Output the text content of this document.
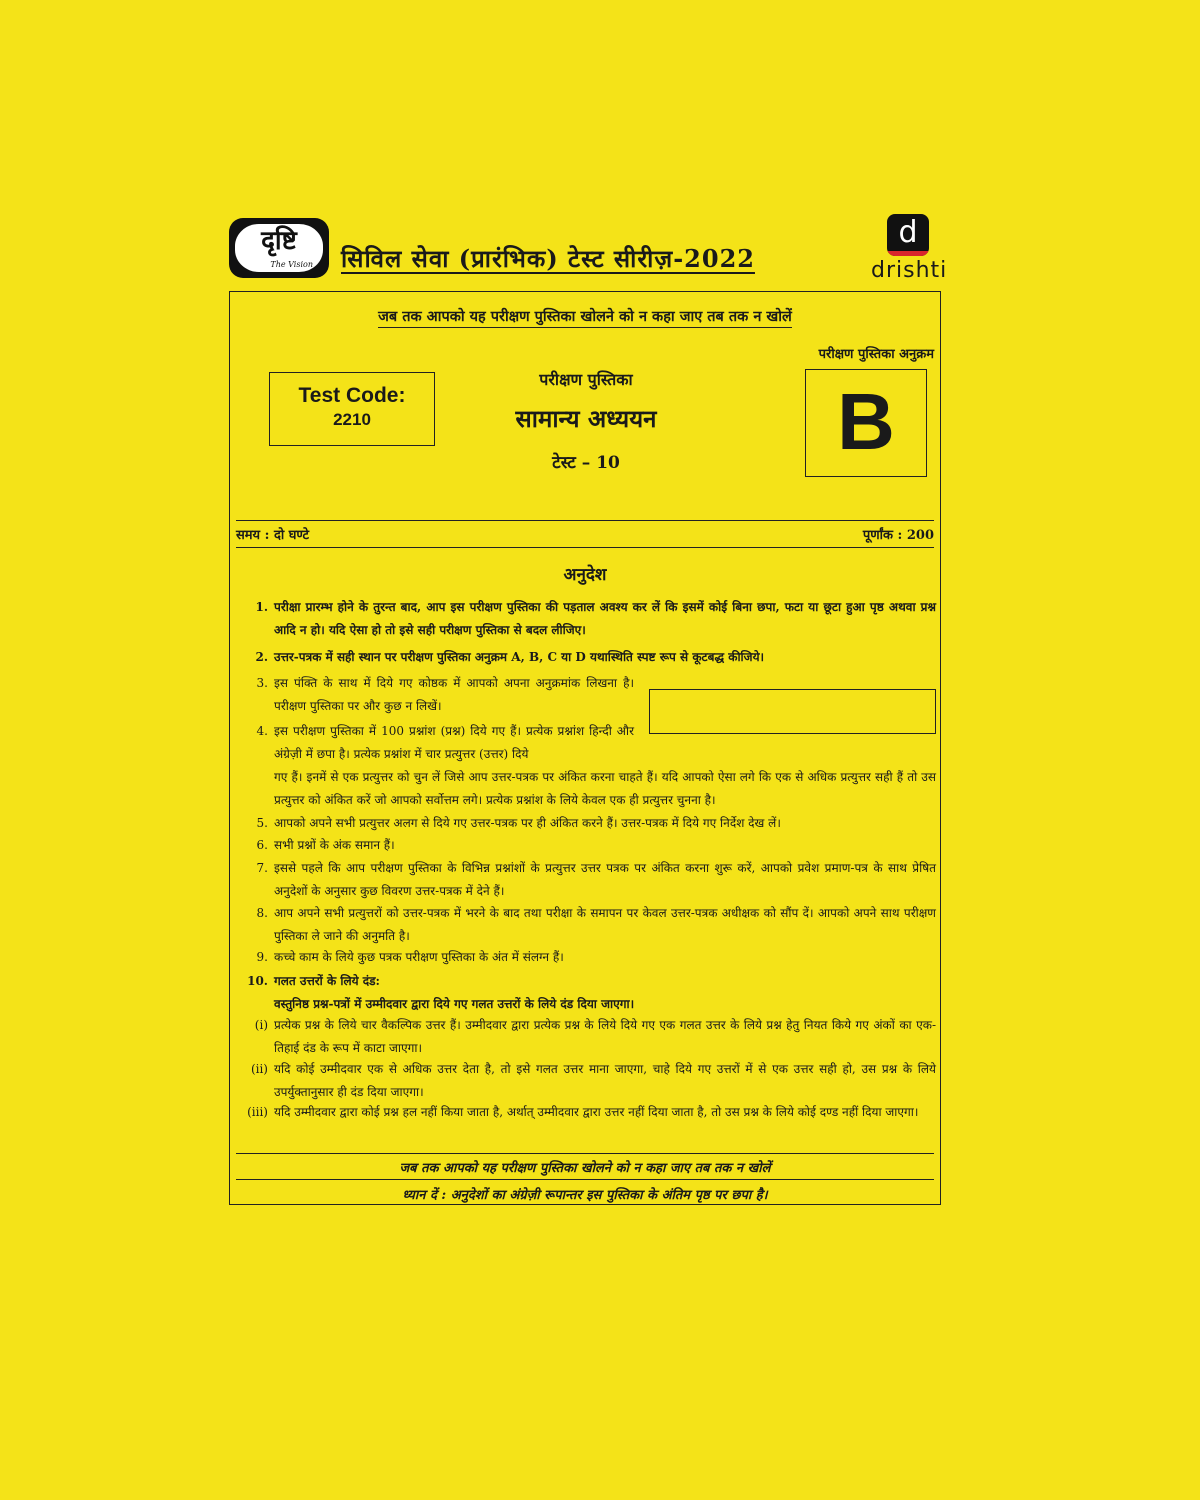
दृष्टि
The Vision सिविल सेवा (प्रारंभिक) टेस्ट सीरीज़-2022
d
drishti
जब तक आपको यह परीक्षण पुस्तिका खोलने को न कहा जाए तब तक न खोलें
परीक्षण पुस्तिका अनुक्रम
Test Code:
2210
परीक्षण पुस्तिका
सामान्य अध्ययन
टेस्ट – 10	B
समय : दो घण्टे	पूर्णांक : 200
अनुदेश
1. परीक्षा प्रारम्भ होने के तुरन्त बाद, आप इस परीक्षण पुस्तिका की पड़ताल अवश्य कर लें कि इसमें कोई बिना छपा, फटा या छूटा हुआ पृष्ठ अथवा प्रश्न आदि न हो। यदि ऐसा हो तो इसे सही परीक्षण पुस्तिका से बदल लीजिए।
2. उत्तर-पत्रक में सही स्थान पर परीक्षण पुस्तिका अनुक्रम A, B, C या D यथास्थिति स्पष्ट रूप से कूटबद्ध कीजिये।
3. इस पंक्ति के साथ में दिये गए कोष्ठक में आपको अपना अनुक्रमांक लिखना है। परीक्षण पुस्तिका पर और कुछ न लिखें।
4. इस परीक्षण पुस्तिका में 100 प्रश्नांश (प्रश्न) दिये गए हैं। प्रत्येक प्रश्नांश हिन्दी और अंग्रेज़ी में छपा है। प्रत्येक प्रश्नांश में चार प्रत्युत्तर (उत्तर) दिये
गए हैं। इनमें से एक प्रत्युत्तर को चुन लें जिसे आप उत्तर-पत्रक पर अंकित करना चाहते हैं। यदि आपको ऐसा लगे कि एक से अधिक प्रत्युत्तर सही हैं तो उस प्रत्युत्तर को अंकित करें जो आपको सर्वोत्तम लगे। प्रत्येक प्रश्नांश के लिये केवल एक ही प्रत्युत्तर चुनना है।
5. आपको अपने सभी प्रत्युत्तर अलग से दिये गए उत्तर-पत्रक पर ही अंकित करने हैं। उत्तर-पत्रक में दिये गए निर्देश देख लें।
6. सभी प्रश्नों के अंक समान हैं।
7. इससे पहले कि आप परीक्षण पुस्तिका के विभिन्न प्रश्नांशों के प्रत्युत्तर उत्तर पत्रक पर अंकित करना शुरू करें, आपको प्रवेश प्रमाण-पत्र के साथ प्रेषित अनुदेशों के अनुसार कुछ विवरण उत्तर-पत्रक में देने हैं।
8. आप अपने सभी प्रत्युत्तरों को उत्तर-पत्रक में भरने के बाद तथा परीक्षा के समापन पर केवल उत्तर-पत्रक अधीक्षक को सौंप दें। आपको अपने साथ परीक्षण पुस्तिका ले जाने की अनुमति है।
9. कच्चे काम के लिये कुछ पत्रक परीक्षण पुस्तिका के अंत में संलग्न हैं।
10. गलत उत्तरों के लिये दंड:
वस्तुनिष्ठ प्रश्न-पत्रों में उम्मीदवार द्वारा दिये गए गलत उत्तरों के लिये दंड दिया जाएगा।
(i) प्रत्येक प्रश्न के लिये चार वैकल्पिक उत्तर हैं। उम्मीदवार द्वारा प्रत्येक प्रश्न के लिये दिये गए एक गलत उत्तर के लिये प्रश्न हेतु नियत किये गए अंकों का एक-तिहाई दंड के रूप में काटा जाएगा।
(ii) यदि कोई उम्मीदवार एक से अधिक उत्तर देता है, तो इसे गलत उत्तर माना जाएगा, चाहे दिये गए उत्तरों में से एक उत्तर सही हो, उस प्रश्न के लिये उपर्युक्तानुसार ही दंड दिया जाएगा।
(iii) यदि उम्मीदवार द्वारा कोई प्रश्न हल नहीं किया जाता है, अर्थात् उम्मीदवार द्वारा उत्तर नहीं दिया जाता है, तो उस प्रश्न के लिये कोई दण्ड नहीं दिया जाएगा।
जब तक आपको यह परीक्षण पुस्तिका खोलने को न कहा जाए तब तक न खोलें
ध्यान दें : अनुदेशों का अंग्रेज़ी रूपान्तर इस पुस्तिका के अंतिम पृष्ठ पर छपा है।
